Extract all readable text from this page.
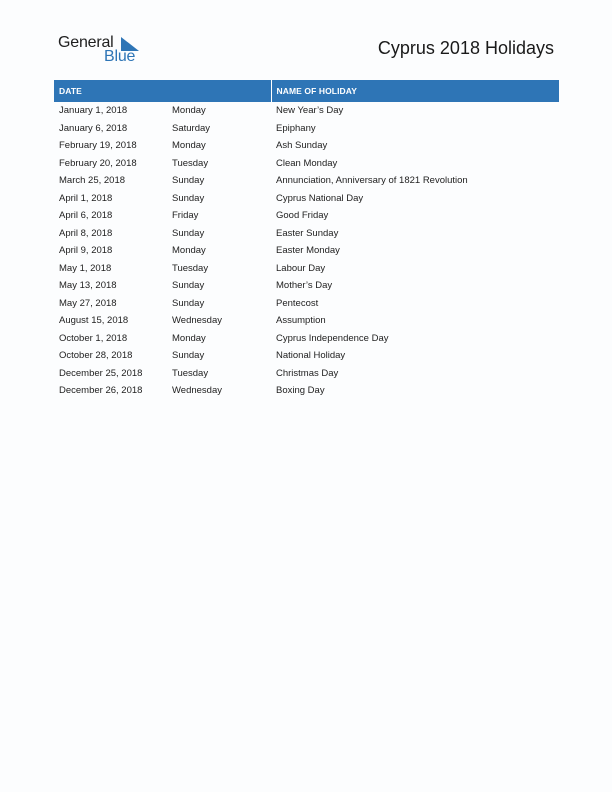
General
Blue	Cyprus 2018 Holidays
DATE		NAME OF HOLIDAY
January 1, 2018	Monday	New Year’s Day
January 6, 2018	Saturday	Epiphany
February 19, 2018	Monday	Ash Sunday
February 20, 2018	Tuesday	Clean Monday
March 25, 2018	Sunday	Annunciation, Anniversary of 1821 Revolution
April 1, 2018	Sunday	Cyprus National Day
April 6, 2018	Friday	Good Friday
April 8, 2018	Sunday	Easter Sunday
April 9, 2018	Monday	Easter Monday
May 1, 2018	Tuesday	Labour Day
May 13, 2018	Sunday	Mother’s Day
May 27, 2018	Sunday	Pentecost
August 15, 2018	Wednesday	Assumption
October 1, 2018	Monday	Cyprus Independence Day
October 28, 2018	Sunday	National Holiday
December 25, 2018	Tuesday	Christmas Day
December 26, 2018	Wednesday	Boxing Day
